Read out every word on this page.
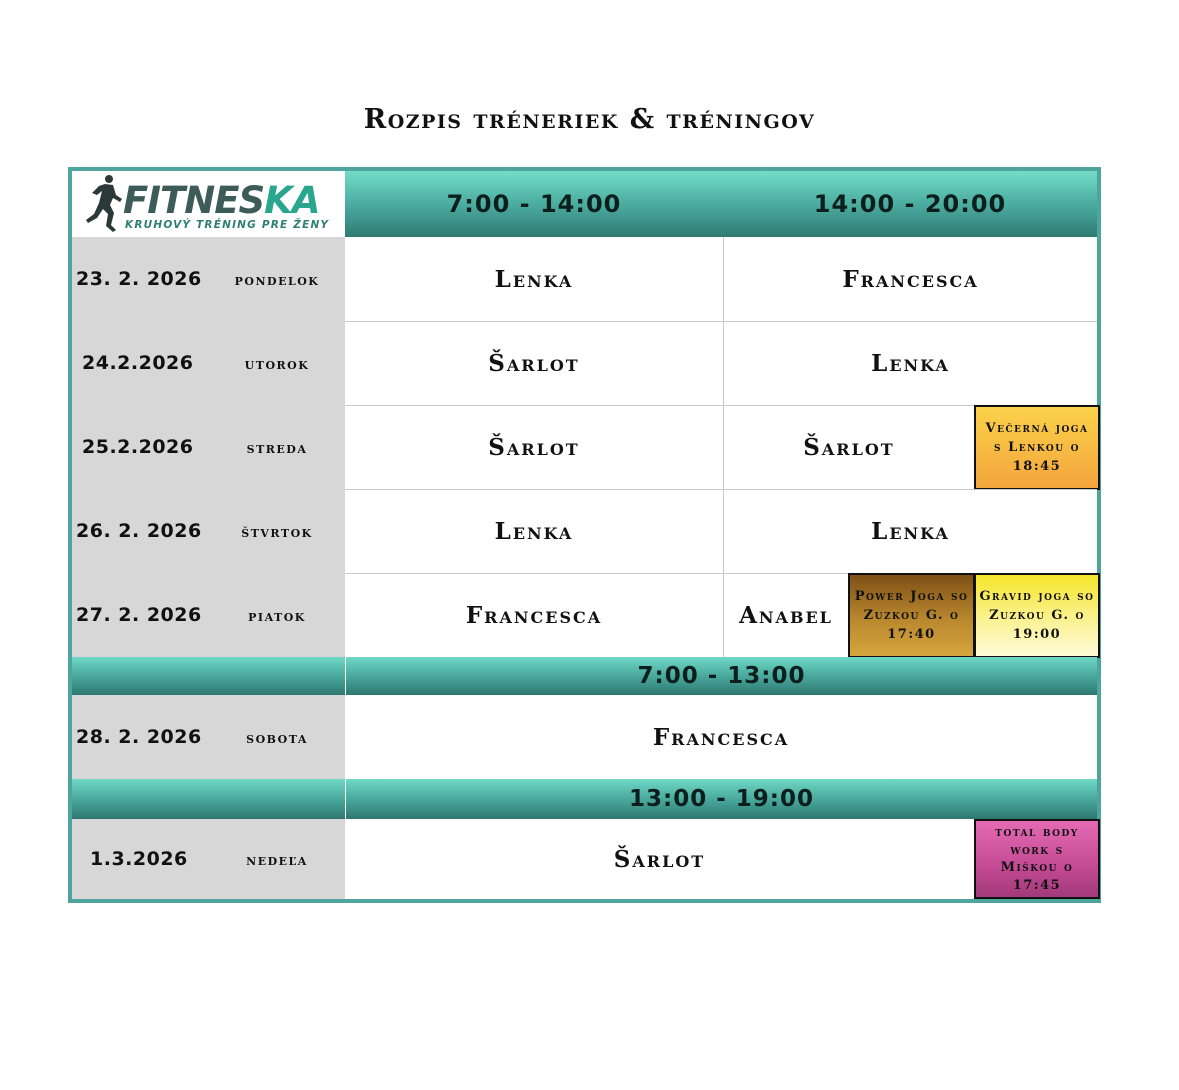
Rozpis tréneriek & tréningov
FITNESKA
KRUHOVÝ TRÉNING PRE ŽENY
7:00 - 14:00	14:00 - 20:00
23. 2. 2026	pondelok	Lenka	Francesca
24.2.2026	utorok	Šarlot	Lenka
25.2.2026	streda	Šarlot	Šarlot
Večerná joga s Lenkou o 18:45
26. 2. 2026	štvrtok	Lenka	Lenka
27. 2. 2026	piatok	Francesca	Anabel
Power Joga so Zuzkou G. o 17:40
Gravid joga so Zuzkou G. o 19:00
7:00 - 13:00
28. 2. 2026	sobota	Francesca
13:00 - 19:00
1.3.2026	nedeľa	Šarlot
total body work s Miškou o 17:45
